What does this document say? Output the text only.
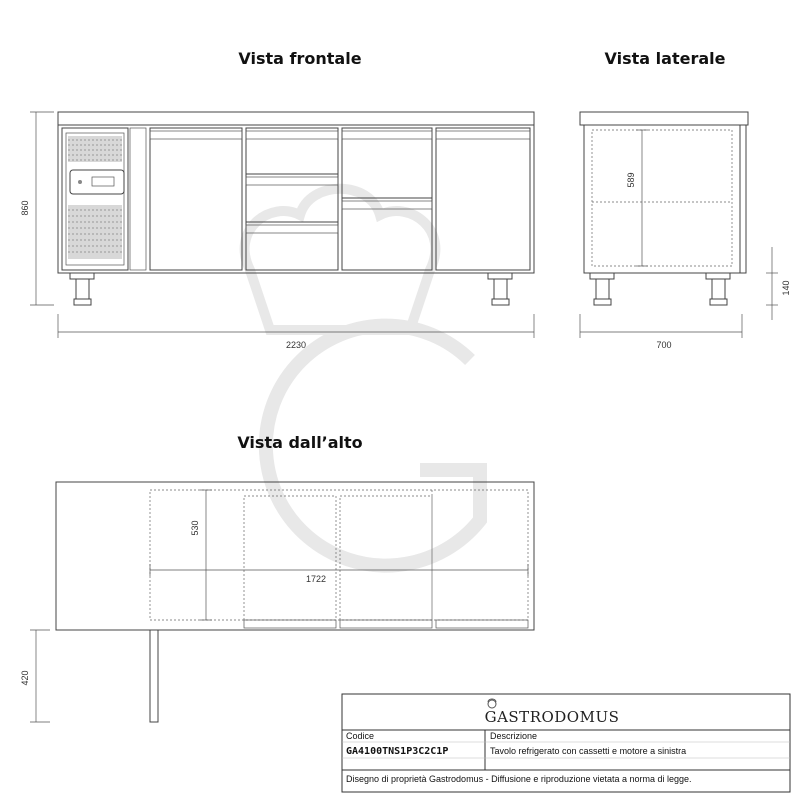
Vista frontale
860
2230
Vista laterale
589
140
700
Vista dall’alto
530
1722
420
GASTRODOMUS
Codice
GA4100TNS1P3C2C1P
Descrizione
Tavolo refrigerato con cassetti e motore a sinistra
Disegno di proprietà Gastrodomus - Diffusione e riproduzione vietata a norma di legge.
